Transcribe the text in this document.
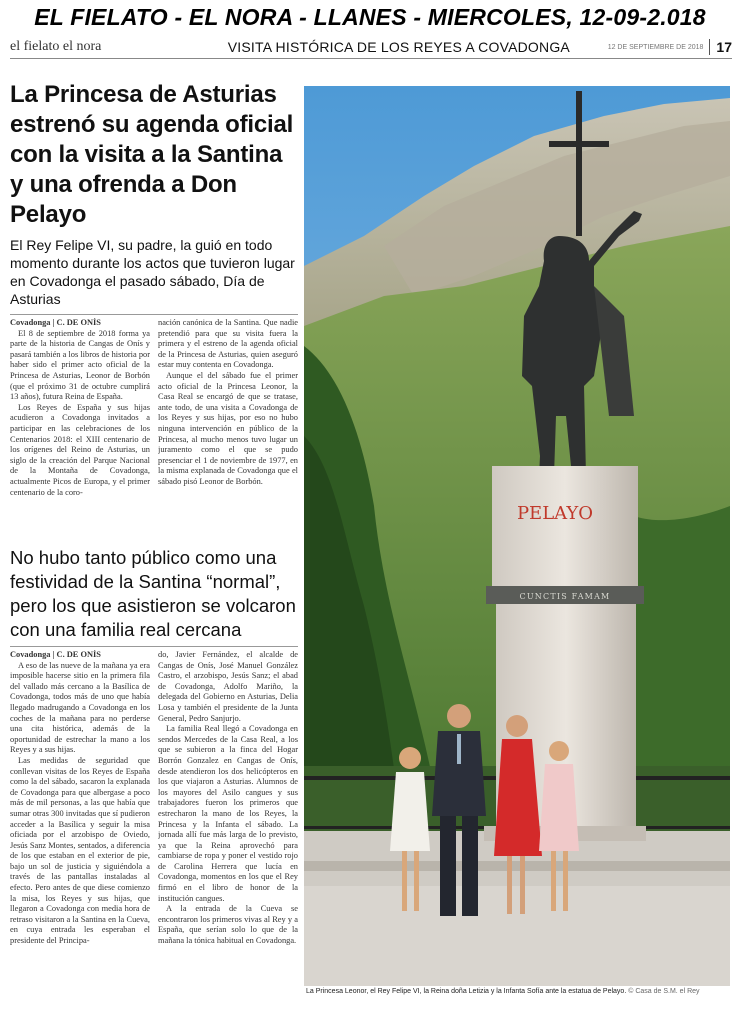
EL FIELATO - EL NORA - LLANES - MIERCOLES, 12-09-2.018
el fielato el nora	VISITA HISTÓRICA DE LOS REYES A COVADONGA	12 DE SEPTIEMBRE DE 2018 17
La Princesa de Asturias estrenó su agenda oficial con la visita a la Santina y una ofrenda a Don Pelayo
El Rey Felipe VI, su padre, la guió en todo momento durante los actos que tuvieron lugar en Covadonga el pasado sábado, Día de Asturias

Covadonga | C. DE ONÍS

El 8 de septiembre de 2018 forma ya parte de la historia de Cangas de Onís y pasará también a los libros de historia por haber sido el primer acto oficial de la Princesa de Asturias, Leonor de Borbón (que el próximo 31 de octubre cumplirá 13 años), futura Reina de España.

Los Reyes de España y sus hijas acudieron a Covadonga invitados a participar en las celebraciones de los Centenarios 2018: el XIII centenario de los orígenes del Reino de Asturias, un siglo de la creación del Parque Nacional de la Montaña de Covadonga, actualmente Picos de Europa, y el primer centenario de la coro-

nación canónica de la Santina. Que nadie pretendió para que su visita fuera la primera y el estreno de la agenda oficial de la Princesa de Asturias, quien aseguró estar muy contenta en Covadonga.

Aunque el del sábado fue el primer acto oficial de la Princesa Leonor, la Casa Real se encargó de que se tratase, ante todo, de una visita a Covadonga de los Reyes y sus hijas, por eso no hubo ninguna intervención en público de la Princesa, al mucho menos tuvo lugar un juramento como el que se pudo presenciar el 1 de noviembre de 1977, en la misma explanada de Covadonga que el sábado pisó Leonor de Borbón.

No hubo tanto público como una festividad de la Santina “normal”, pero los que asistieron se volcaron con una familia real cercana

Covadonga | C. DE ONÍS

A eso de las nueve de la mañana ya era imposible hacerse sitio en la primera fila del vallado más cercano a la Basílica de Covadonga, todos más de uno que había llegado madrugando a Covadonga en los coches de la mañana para no perderse una cita histórica, además de la oportunidad de estrechar la mano a los Reyes y a sus hijas.

Las medidas de seguridad que conllevan visitas de los Reyes de España como la del sábado, sacaron la explanada de Covadonga para que albergase a poco más de mil personas, a las que había que sumar otras 300 invitadas que sí pudieron acceder a la Basílica y seguir la misa oficiada por el arzobispo de Oviedo, Jesús Sanz Montes, sentados, a diferencia de los que estaban en el exterior de pie, bajo un sol de justicia y siguiéndola a través de las pantallas instaladas al efecto. Pero antes de que diese comienzo la misa, los Reyes y sus hijas, que llegaron a Covadonga con media hora de retraso visitaron a la Santina en la Cueva, en cuya entrada les esperaban el presidente del Principa-

do, Javier Fernández, el alcalde de Cangas de Onís, José Manuel González Castro, el arzobispo, Jesús Sanz; el abad de Covadonga, Adolfo Mariño, la delegada del Gobierno en Asturias, Delia Losa y también el presidente de la Junta General, Pedro Sanjurjo.

La familia Real llegó a Covadonga en sendos Mercedes de la Casa Real, a los que se subieron a la finca del Hogar Borrón Gonzalez en Cangas de Onís, desde atendieron los dos helicópteros en los que viajaron a Asturias. Alumnos de los mayores del Asilo cangues y sus trabajadores fueron los primeros que estrecharon la mano de los Reyes, la Princesa y la Infanta el sábado. La jornada allí fue más larga de lo previsto, ya que la Reina aprovechó para cambiarse de ropa y poner el vestido rojo de Carolina Herrera que lucía en Covadonga, momentos en los que el Rey firmó en el libro de honor de la institución cangues.

A la entrada de la Cueva se encontraron los primeros vivas al Rey y a España, que serían solo lo que de la mañana la tónica habitual en Covadonga.

PELAYO
CUNCTIS FAMAM
La Princesa Leonor, el Rey Felipe VI, la Reina doña Letizia y la Infanta Sofía ante la estatua de Pelayo. © Casa de S.M. el Rey
